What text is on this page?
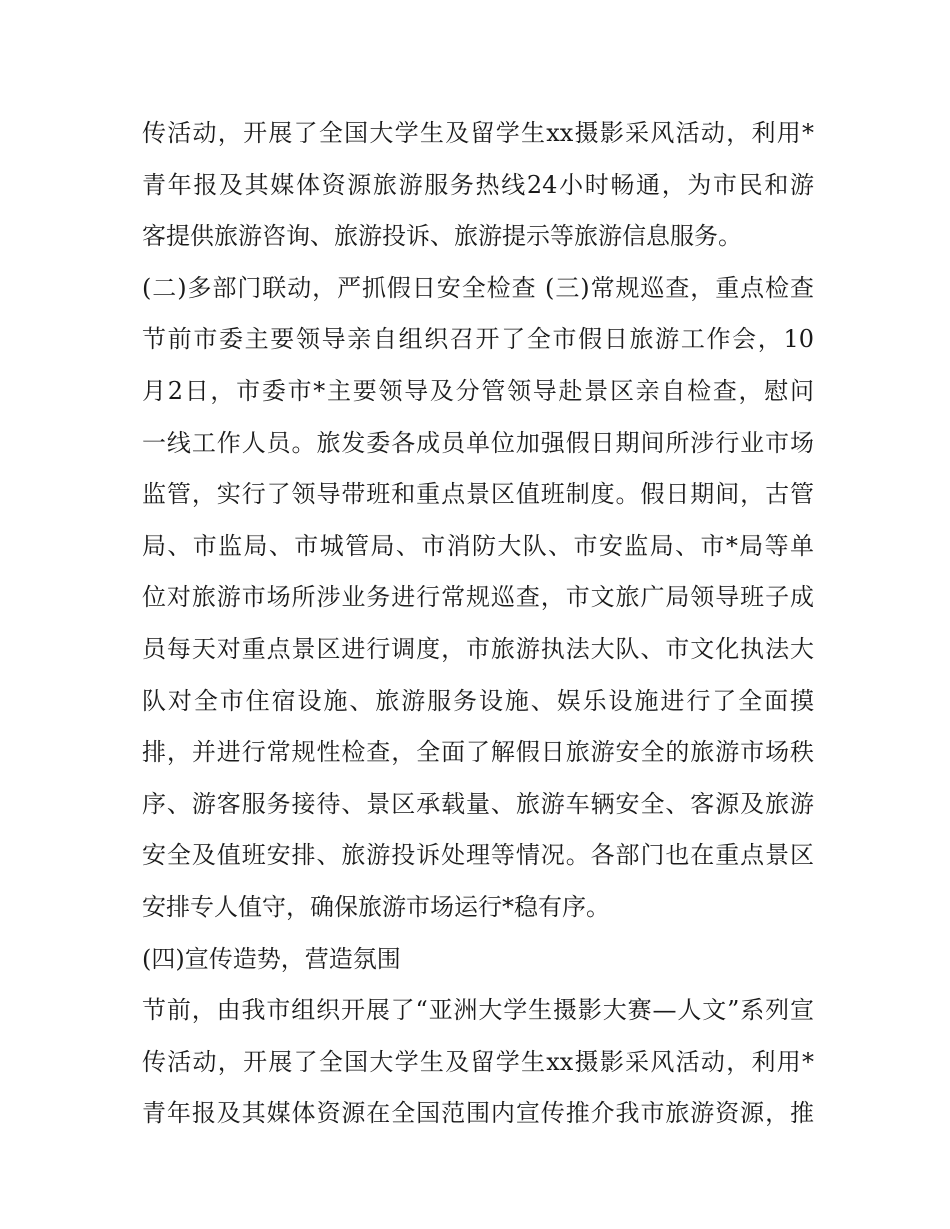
传活动，开展了全国大学生及留学生xx摄影采风活动，利用*
青年报及其媒体资源旅游服务热线24小时畅通，为市民和游
客提供旅游咨询、旅游投诉、旅游提示等旅游信息服务。
(二)多部门联动，严抓假日安全检查 (三)常规巡查，重点检查
节前市委主要领导亲自组织召开了全市假日旅游工作会，10
月2日，市委市*主要领导及分管领导赴景区亲自检查，慰问
一线工作人员。旅发委各成员单位加强假日期间所涉行业市场
监管，实行了领导带班和重点景区值班制度。假日期间，古管
局、市监局、市城管局、市消防大队、市安监局、市*局等单
位对旅游市场所涉业务进行常规巡查，市文旅广局领导班子成
员每天对重点景区进行调度，市旅游执法大队、市文化执法大
队对全市住宿设施、旅游服务设施、娱乐设施进行了全面摸
排，并进行常规性检查，全面了解假日旅游安全的旅游市场秩
序、游客服务接待、景区承载量、旅游车辆安全、客源及旅游
安全及值班安排、旅游投诉处理等情况。各部门也在重点景区
安排专人值守，确保旅游市场运行*稳有序。
(四)宣传造势，营造氛围
节前，由我市组织开展了“亚洲大学生摄影大赛—人文”系列宣
传活动，开展了全国大学生及留学生xx摄影采风活动，利用*
青年报及其媒体资源在全国范围内宣传推介我市旅游资源，推
